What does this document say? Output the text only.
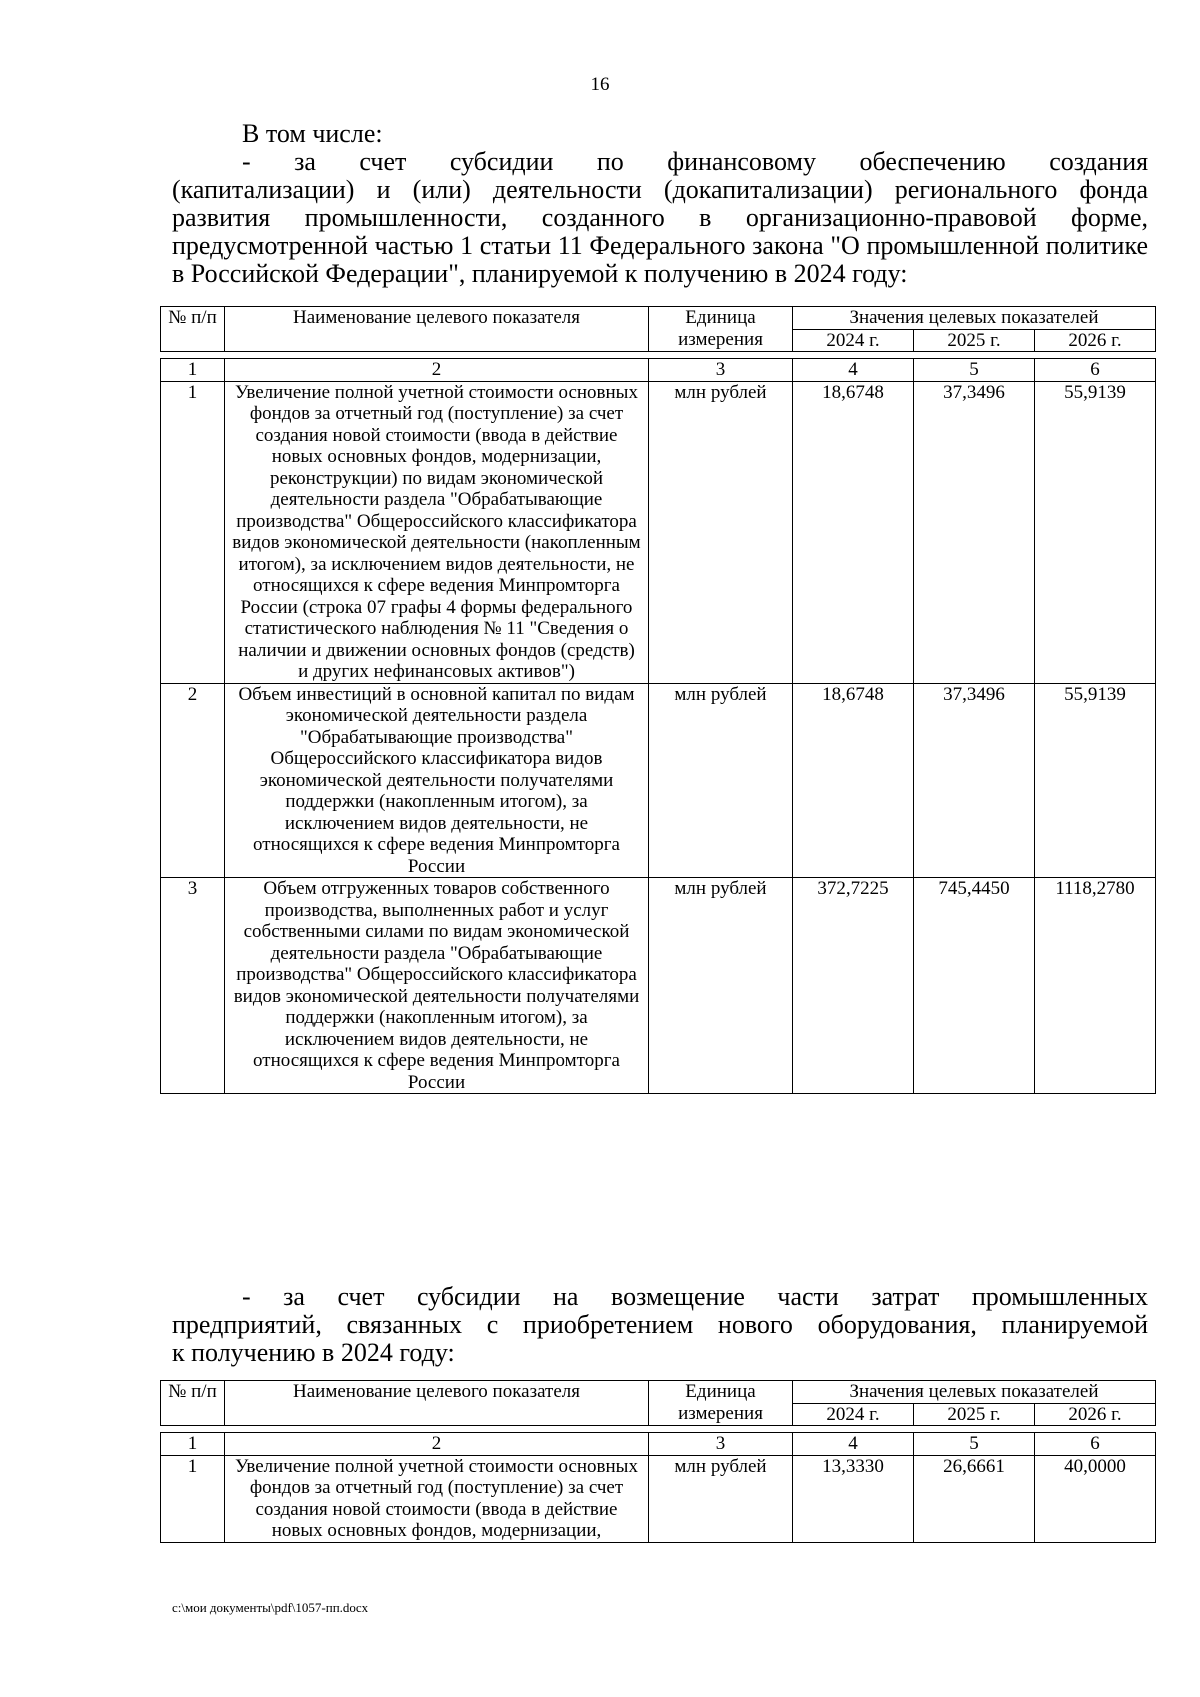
16

В том числе:

- за счет субсидии по финансовому обеспечению создания

(капитализации) и (или) деятельности (докапитализации) регионального фонда развития промышленности, созданного в организационно-правовой форме, предусмотренной частью 1 статьи 11 Федерального закона "О промышленной политике в Российской Федерации", планируемой к получению в 2024 году:

№ п/п	Наименование целевого показателя	Единица измерения	Значения целевых показателей		
			2024 г.	2025 г.	2026 г.

1	2	3	4	5	6
1	Увеличение полной учетной стоимости основных фондов за отчетный год (поступление) за счет создания новой стоимости (ввода в действие новых основных фондов, модернизации, реконструкции) по видам экономической деятельности раздела "Обрабатывающие производства" Общероссийского классификатора видов экономической деятельности (накопленным итогом), за исключением видов деятельности, не относящихся к сфере ведения Минпромторга России (строка 07 графы 4 формы федерального статистического наблюдения № 11 "Сведения о наличии и движении основных фондов (средств) и других нефинансовых активов")	млн рублей	18,6748	37,3496	55,9139
2	Объем инвестиций в основной капитал по видам экономической деятельности раздела "Обрабатывающие производства" Общероссийского классификатора видов экономической деятельности получателями поддержки (накопленным итогом), за исключением видов деятельности, не относящихся к сфере ведения Минпромторга России	млн рублей	18,6748	37,3496	55,9139
3	Объем отгруженных товаров собственного производства, выполненных работ и услуг собственными силами по видам экономической деятельности раздела "Обрабатывающие производства" Общероссийского классификатора видов экономической деятельности получателями поддержки (накопленным итогом), за исключением видов деятельности, не относящихся к сфере ведения Минпромторга России	млн рублей	372,7225	745,4450	1118,2780

- за счет субсидии на возмещение части затрат промышленных

предприятий, связанных с приобретением нового оборудования, планируемой

к получению в 2024 году:

№ п/п	Наименование целевого показателя	Единица измерения	Значения целевых показателей		
			2024 г.	2025 г.	2026 г.

1	2	3	4	5	6
1	Увеличение полной учетной стоимости основных фондов за отчетный год (поступление) за счет создания новой стоимости (ввода в действие новых основных фондов, модернизации,	млн рублей	13,3330	26,6661	40,0000
c:\мои документы\pdf\1057-пп.docx
